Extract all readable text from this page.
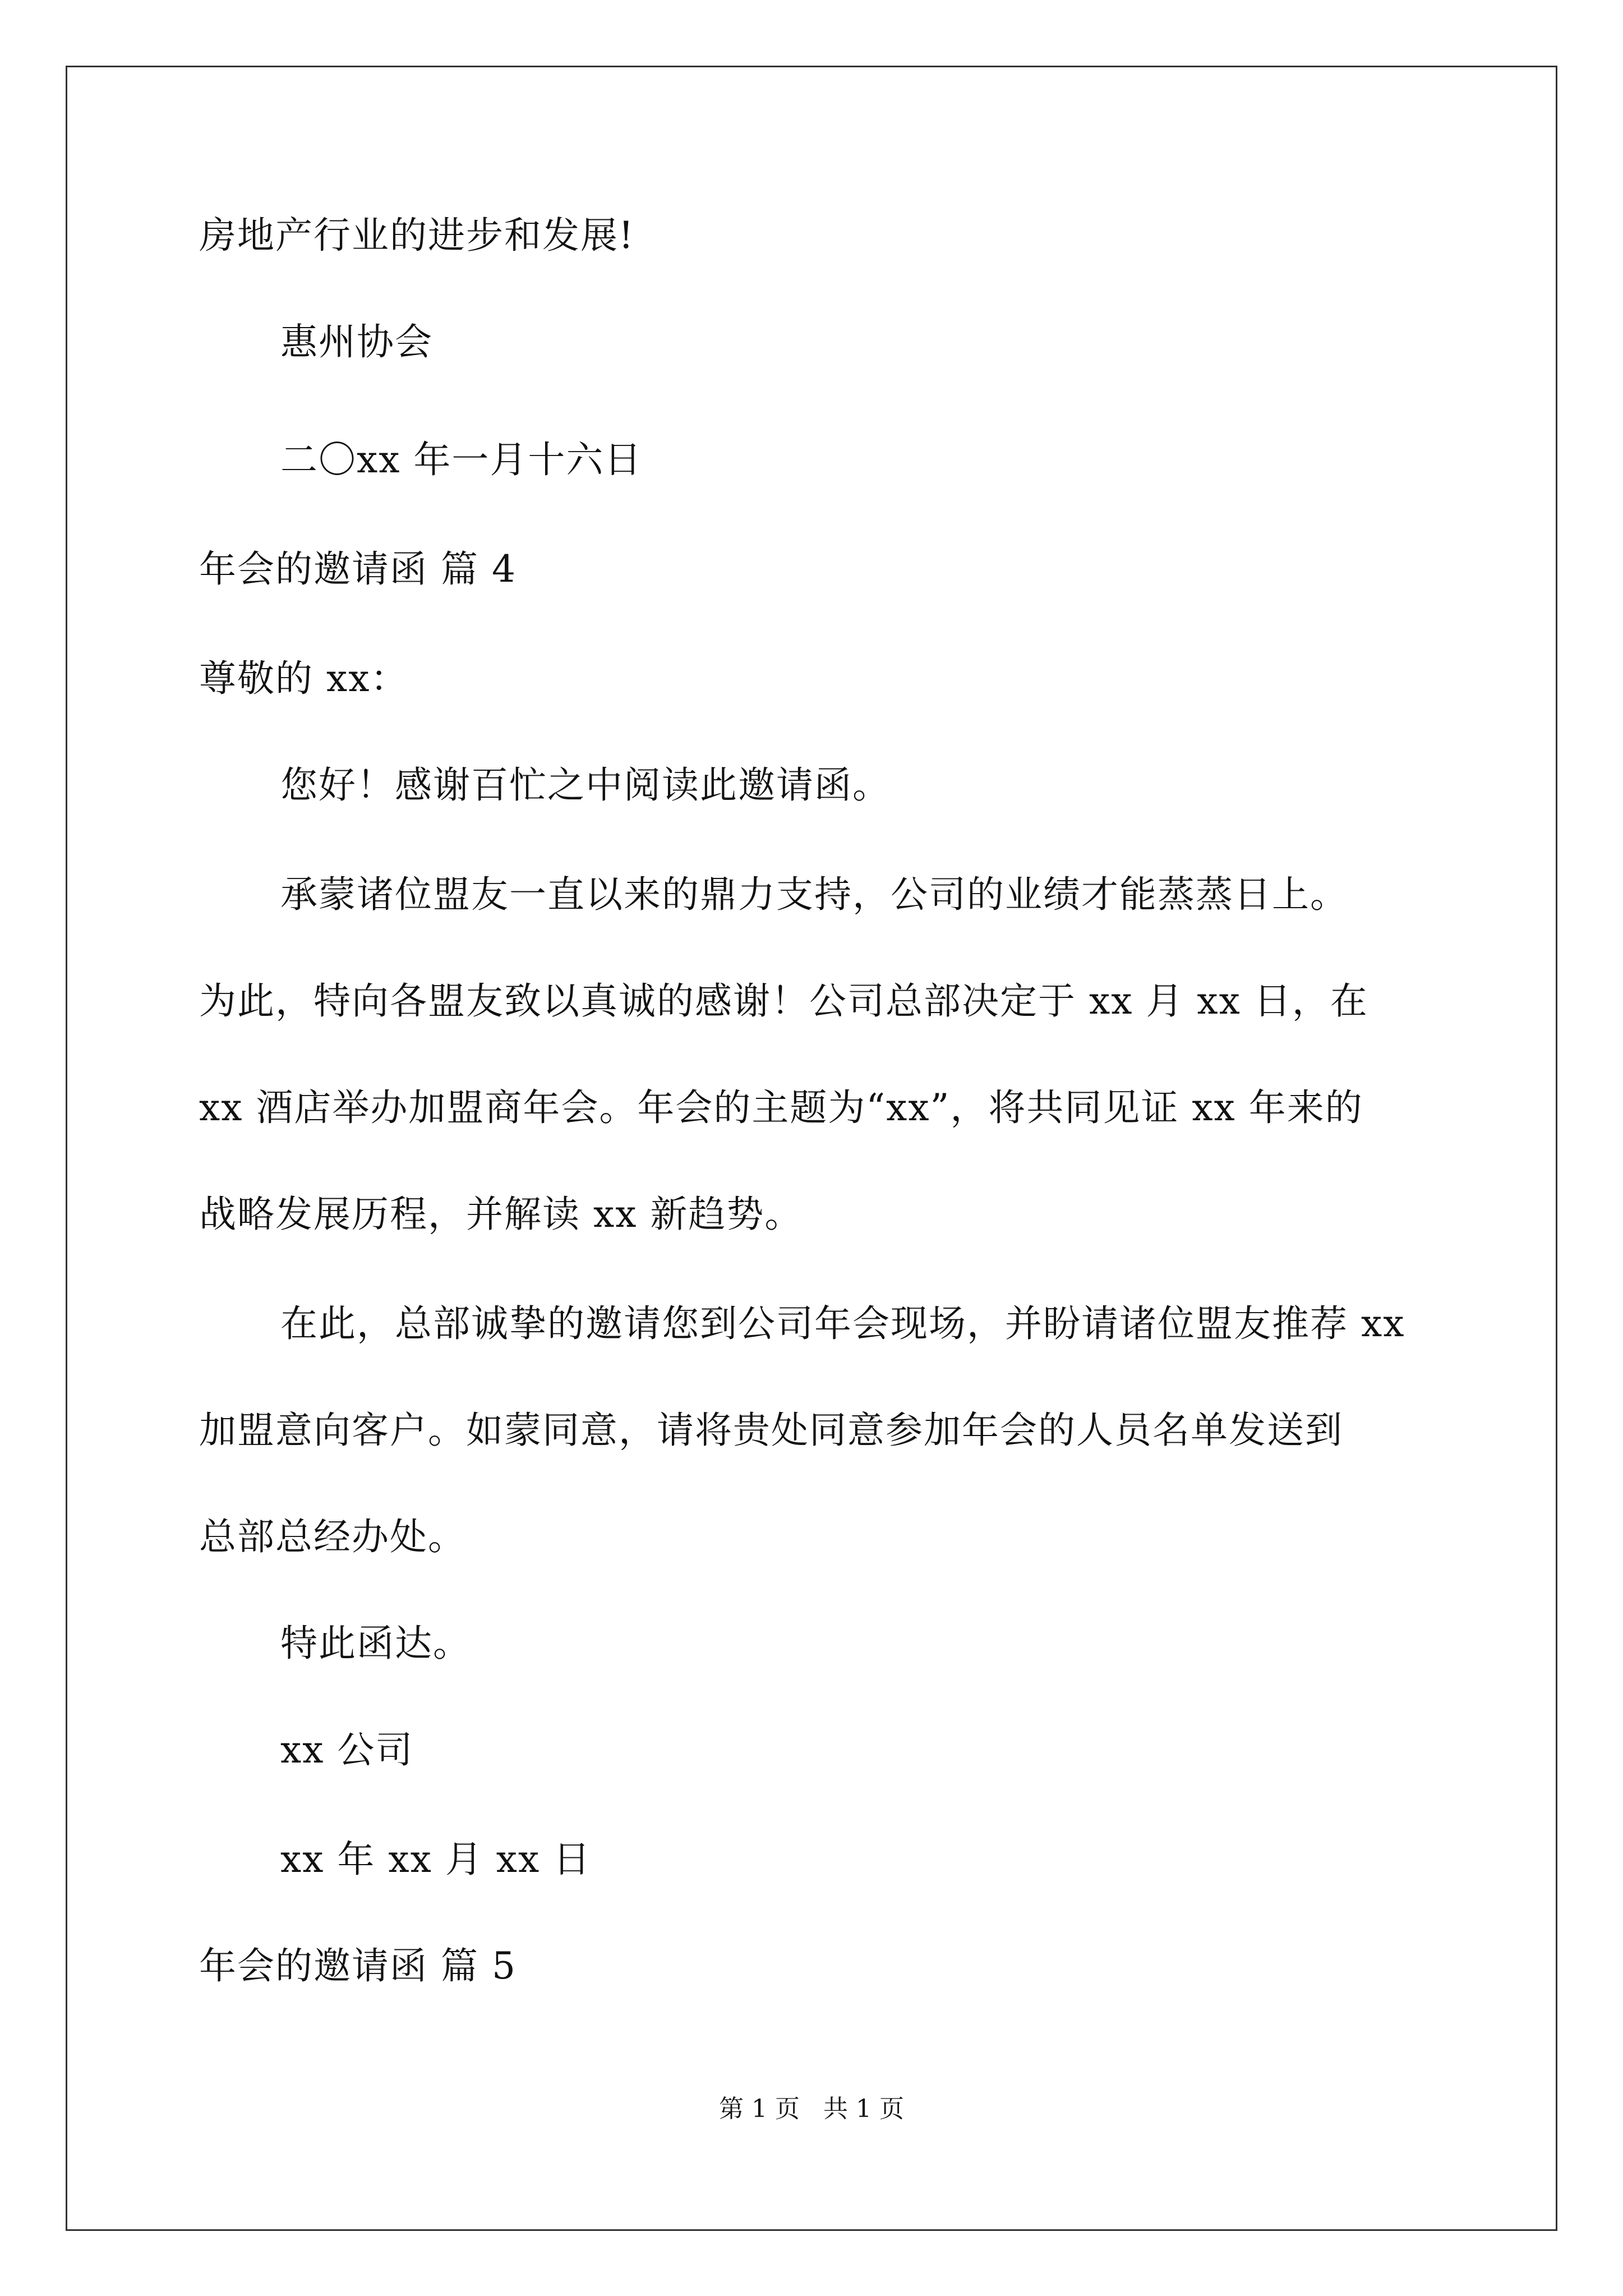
房地产行业的进步和发展!
惠州协会
二〇xx 年一月十六日
年会的邀请函 篇 4
尊敬的 xx：
您好！感谢百忙之中阅读此邀请函。
承蒙诸位盟友一直以来的鼎力支持，公司的业绩才能蒸蒸日上。
为此，特向各盟友致以真诚的感谢！公司总部决定于 xx 月 xx 日，在
xx 酒店举办加盟商年会。年会的主题为“xx”，将共同见证 xx 年来的
战略发展历程，并解读 xx 新趋势。
在此，总部诚挚的邀请您到公司年会现场，并盼请诸位盟友推荐 xx
加盟意向客户。如蒙同意，请将贵处同意参加年会的人员名单发送到
总部总经办处。
特此函达。
xx 公司
xx 年 xx 月 xx 日
年会的邀请函 篇 5
第 1 页   共 1 页
